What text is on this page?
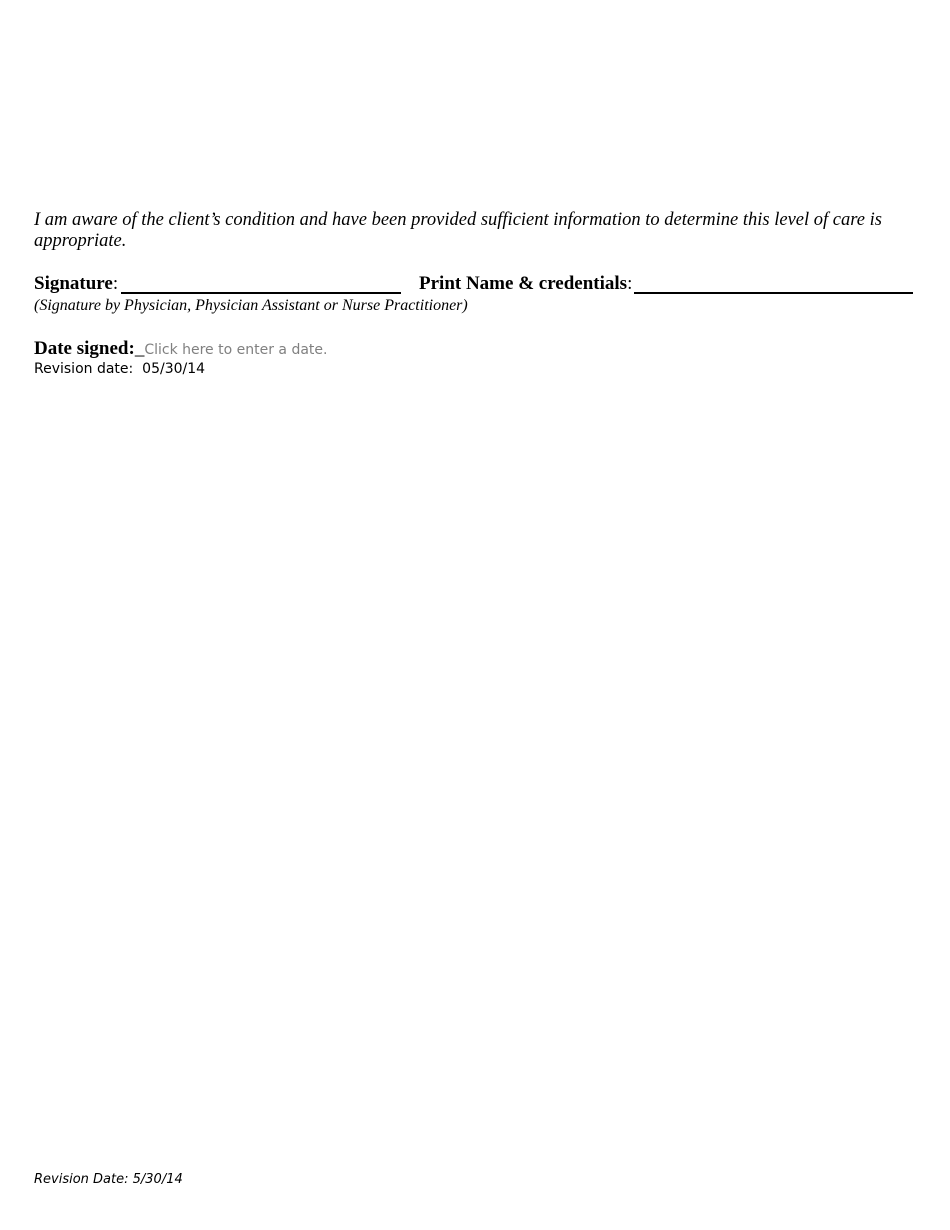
I am aware of the client’s condition and have been provided sufficient information to determine this level of care is appropriate.
Signature:	Print Name & credentials:
(Signature by Physician, Physician Assistant or Nurse Practitioner)
Date signed:_Click here to enter a date.
Revision date:  05/30/14
Revision Date: 5/30/14
